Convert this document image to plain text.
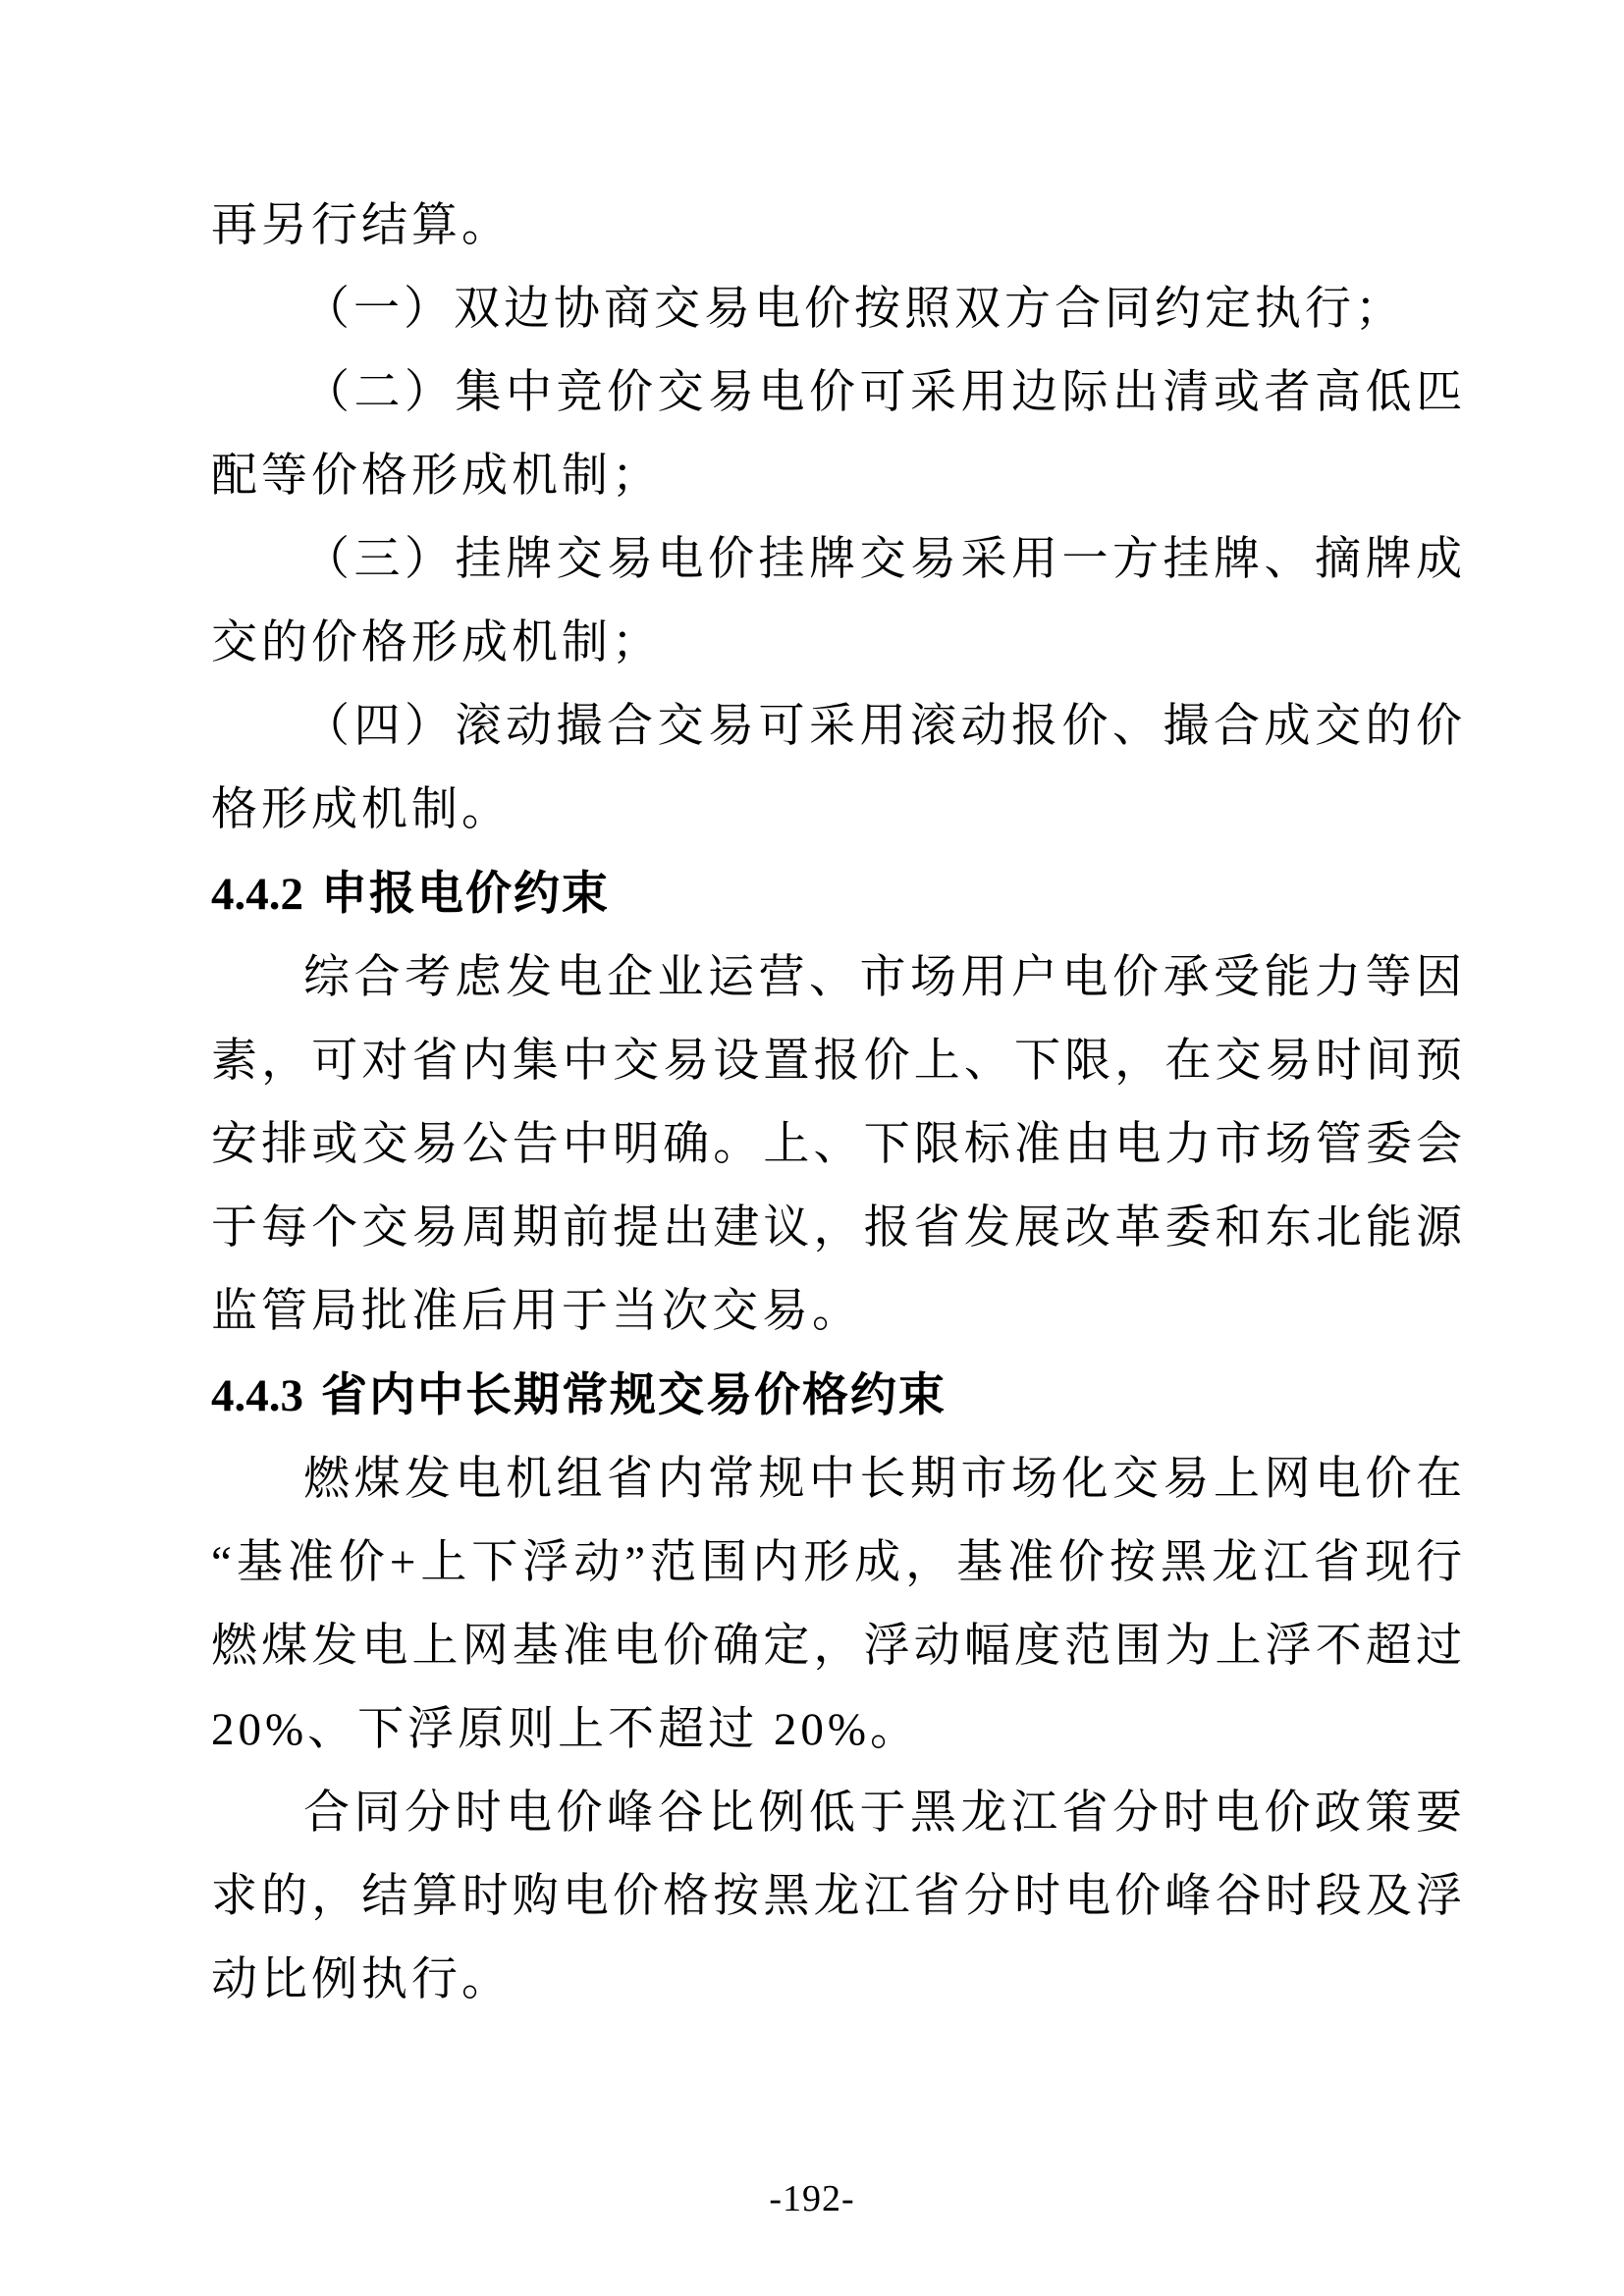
再另行结算。

（一）双边协商交易电价按照双方合同约定执行；

（二）集中竞价交易电价可采用边际出清或者高低匹配等价格形成机制；

（三）挂牌交易电价挂牌交易采用一方挂牌、摘牌成交的价格形成机制；

（四）滚动撮合交易可采用滚动报价、撮合成交的价格形成机制。

4.4.2 申报电价约束

综合考虑发电企业运营、市场用户电价承受能力等因素，可对省内集中交易设置报价上、下限，在交易时间预安排或交易公告中明确。上、下限标准由电力市场管委会于每个交易周期前提出建议，报省发展改革委和东北能源监管局批准后用于当次交易。

4.4.3 省内中长期常规交易价格约束

燃煤发电机组省内常规中长期市场化交易上网电价在“基准价+上下浮动”范围内形成，基准价按黑龙江省现行燃煤发电上网基准电价确定，浮动幅度范围为上浮不超过 20%、下浮原则上不超过 20%。

合同分时电价峰谷比例低于黑龙江省分时电价政策要求的，结算时购电价格按黑龙江省分时电价峰谷时段及浮动比例执行。

-192-
